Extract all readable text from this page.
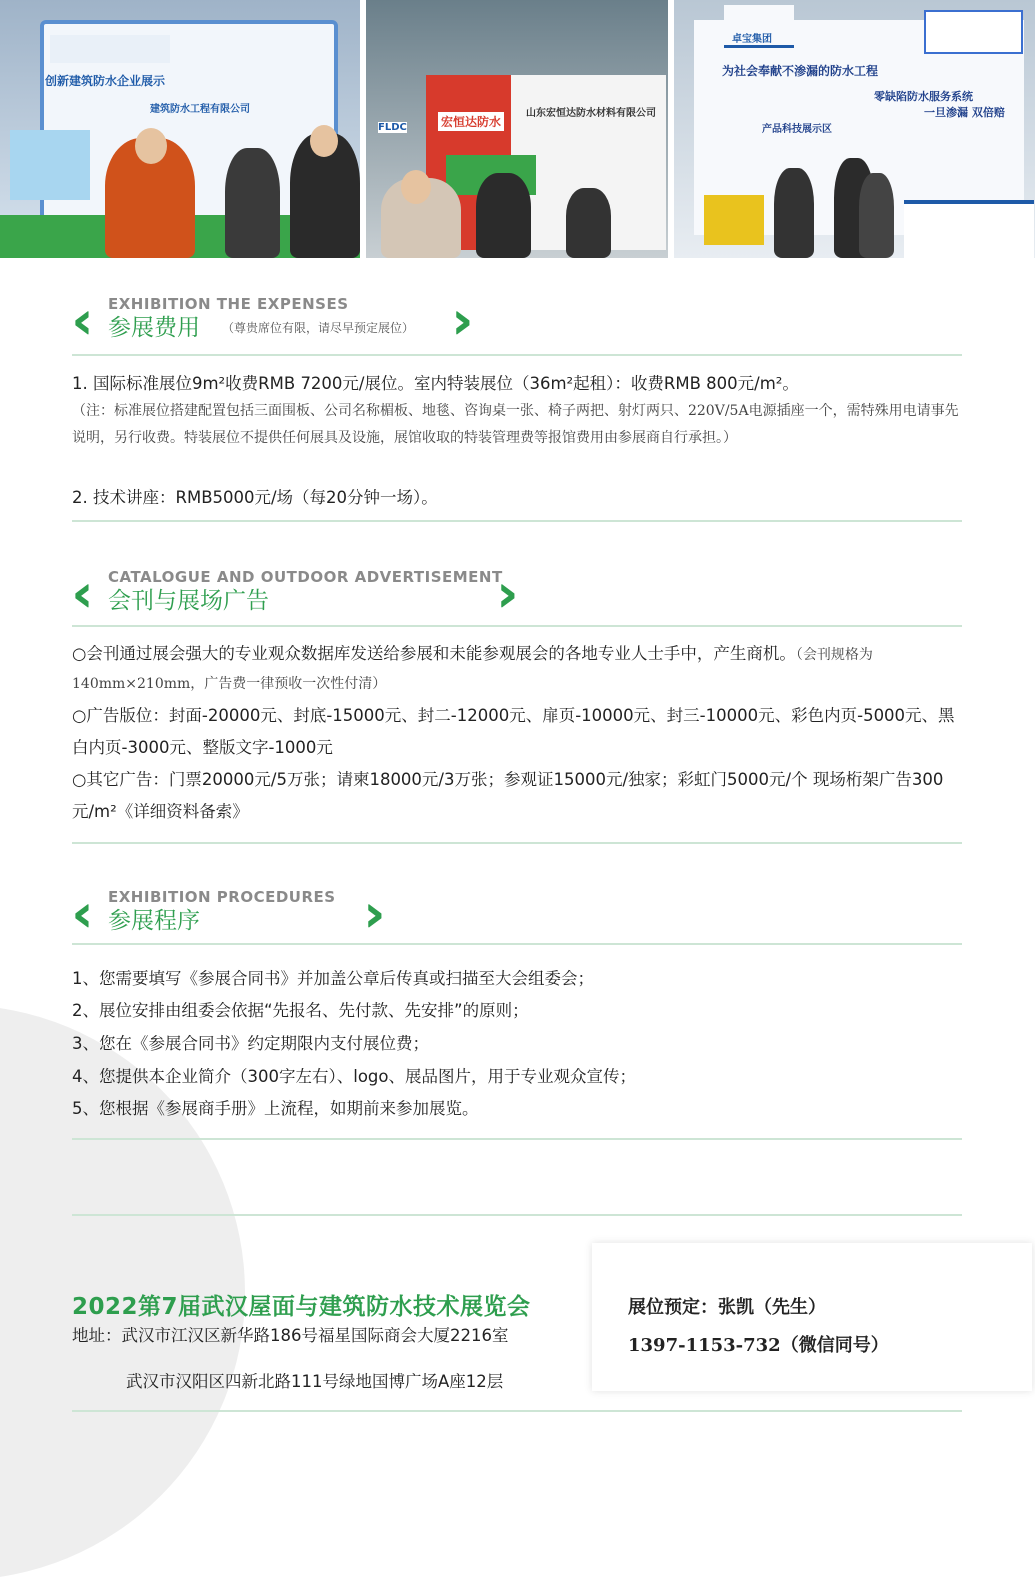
创新建筑防水企业展示
建筑防水工程有限公司
宏恒达防水
山东宏恒达防水材料有限公司
FLDC
卓宝集团
为社会奉献不渗漏的防水工程
零缺陷防水服务系统
一旦渗漏 双倍赔
产品科技展示区
EXHIBITION THE EXPENSES
参展费用 （尊贵席位有限，请尽早预定展位）
1. 国际标准展位9m²收费RMB 7200元/展位。室内特装展位（36m²起租）：收费RMB 800元/m²。
（注：标准展位搭建配置包括三面围板、公司名称楣板、地毯、咨询桌一张、椅子两把、射灯两只、220V/5A电源插座一个，需特殊用电请事先说明，另行收费。特装展位不提供任何展具及设施，展馆收取的特装管理费等报馆费用由参展商自行承担。）
2. 技术讲座：RMB5000元/场（每20分钟一场）。
CATALOGUE AND OUTDOOR ADVERTISEMENT
会刊与展场广告
○会刊通过展会强大的专业观众数据库发送给参展和未能参观展会的各地专业人士手中，产生商机。（会刊规格为140mm×210mm，广告费一律预收一次性付清）
○广告版位：封面-20000元、封底-15000元、封二-12000元、扉页-10000元、封三-10000元、彩色内页-5000元、黑白内页-3000元、整版文字-1000元
○其它广告：门票20000元/5万张；请柬18000元/3万张；参观证15000元/独家；彩虹门5000元/个 现场桁架广告300元/m²《详细资料备索》
EXHIBITION PROCEDURES
参展程序
1、您需要填写《参展合同书》并加盖公章后传真或扫描至大会组委会；
2、展位安排由组委会依据“先报名、先付款、先安排”的原则；
3、您在《参展合同书》约定期限内支付展位费；
4、您提供本企业简介（300字左右）、logo、展品图片，用于专业观众宣传；
5、您根据《参展商手册》上流程，如期前来参加展览。
展位预定：张凯（先生）
1397-1153-732（微信同号）
2022第7届武汉屋面与建筑防水技术展览会
地址：武汉市江汉区新华路186号福星国际商会大厦2216室
武汉市汉阳区四新北路111号绿地国博广场A座12层
